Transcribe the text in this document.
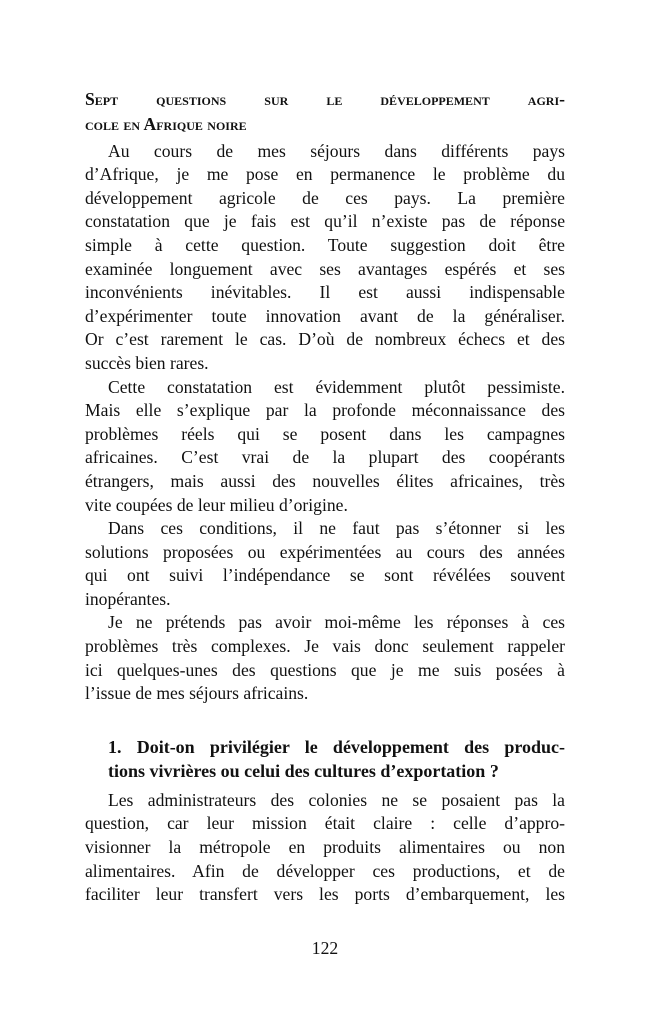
Sept questions sur le développement agri-
cole en Afrique noire
Au cours de mes séjours dans différents pays
d’Afrique, je me pose en permanence le problème du
développement agricole de ces pays. La première
constatation que je fais est qu’il n’existe pas de réponse
simple à cette question. Toute suggestion doit être
examinée longuement avec ses avantages espérés et ses
inconvénients inévitables. Il est aussi indispensable
d’expérimenter toute innovation avant de la généraliser.
Or c’est rarement le cas. D’où de nombreux échecs et des
succès bien rares.
Cette constatation est évidemment plutôt pessimiste.
Mais elle s’explique par la profonde méconnaissance des
problèmes réels qui se posent dans les campagnes
africaines. C’est vrai de la plupart des coopérants
étrangers, mais aussi des nouvelles élites africaines, très
vite coupées de leur milieu d’origine.
Dans ces conditions, il ne faut pas s’étonner si les
solutions proposées ou expérimentées au cours des années
qui ont suivi l’indépendance se sont révélées souvent
inopérantes.
Je ne prétends pas avoir moi-même les réponses à ces
problèmes très complexes. Je vais donc seulement rappeler
ici quelques-unes des questions que je me suis posées à
l’issue de mes séjours africains.
1. Doit-on privilégier le développement des produc-
tions vivrières ou celui des cultures d’exportation ?
Les administrateurs des colonies ne se posaient pas la
question, car leur mission était claire : celle d’appro-
visionner la métropole en produits alimentaires ou non
alimentaires. Afin de développer ces productions, et de
faciliter leur transfert vers les ports d’embarquement, les
122
